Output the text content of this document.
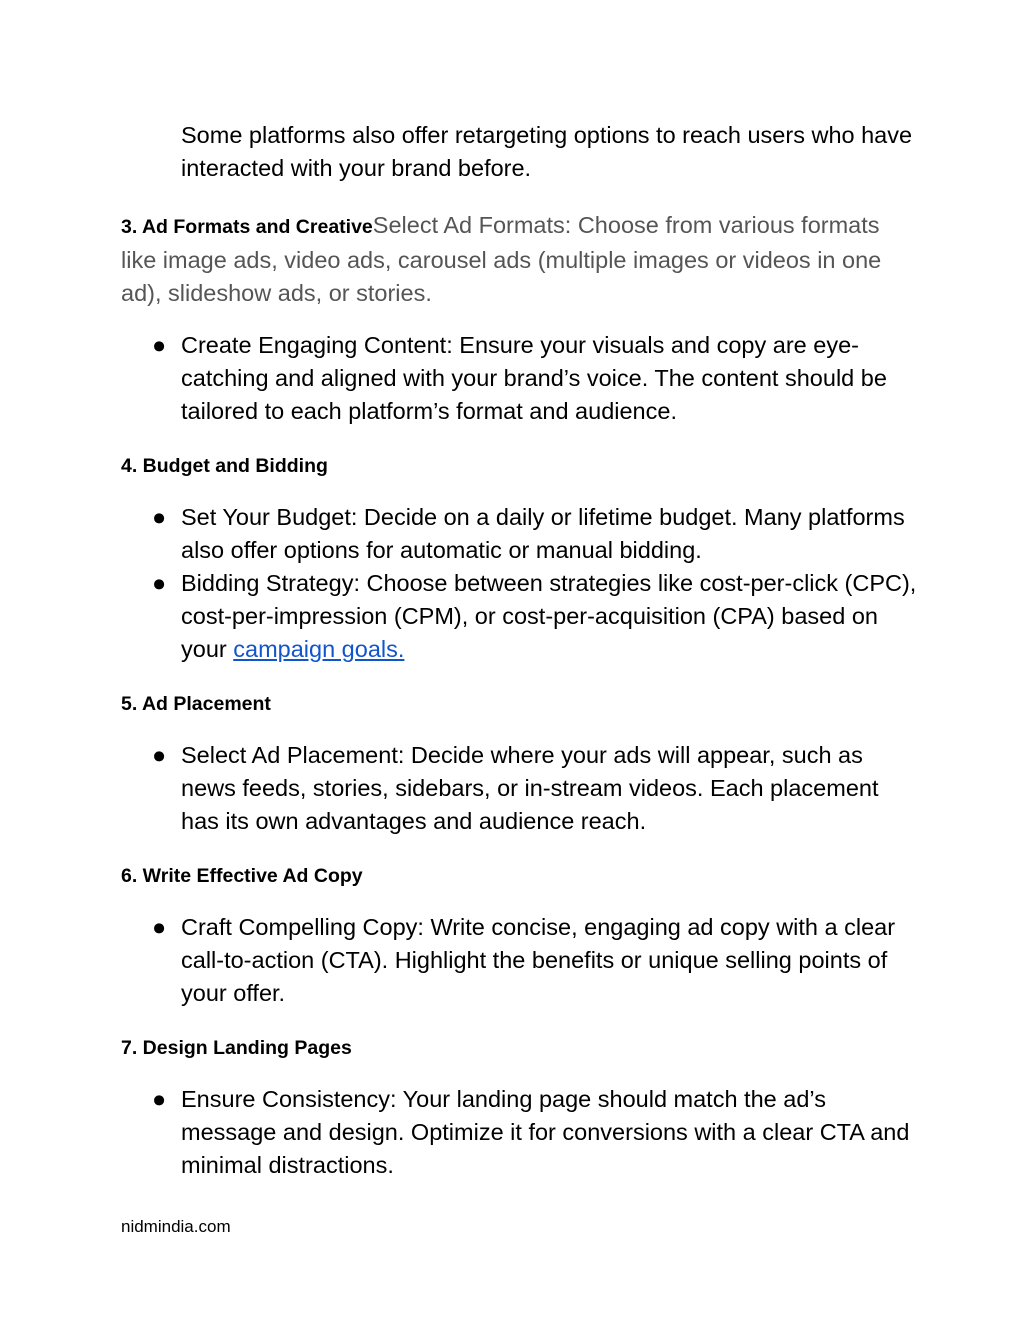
Some platforms also offer retargeting options to reach users who have interacted with your brand before.

3. Ad Formats and CreativeSelect Ad Formats: Choose from various formats like image ads, video ads, carousel ads (multiple images or videos in one ad), slideshow ads, or stories.

● Create Engaging Content: Ensure your visuals and copy are eye-catching and aligned with your brand’s voice. The content should be tailored to each platform’s format and audience.

4. Budget and Bidding

● Set Your Budget: Decide on a daily or lifetime budget. Many platforms also offer options for automatic or manual bidding.

● Bidding Strategy: Choose between strategies like cost-per-click (CPC), cost-per-impression (CPM), or cost-per-acquisition (CPA) based on your campaign goals.

5. Ad Placement

● Select Ad Placement: Decide where your ads will appear, such as news feeds, stories, sidebars, or in-stream videos. Each placement has its own advantages and audience reach.

6. Write Effective Ad Copy

● Craft Compelling Copy: Write concise, engaging ad copy with a clear call-to-action (CTA). Highlight the benefits or unique selling points of your offer.

7. Design Landing Pages

● Ensure Consistency: Your landing page should match the ad’s message and design. Optimize it for conversions with a clear CTA and minimal distractions.

nidmindia.com
